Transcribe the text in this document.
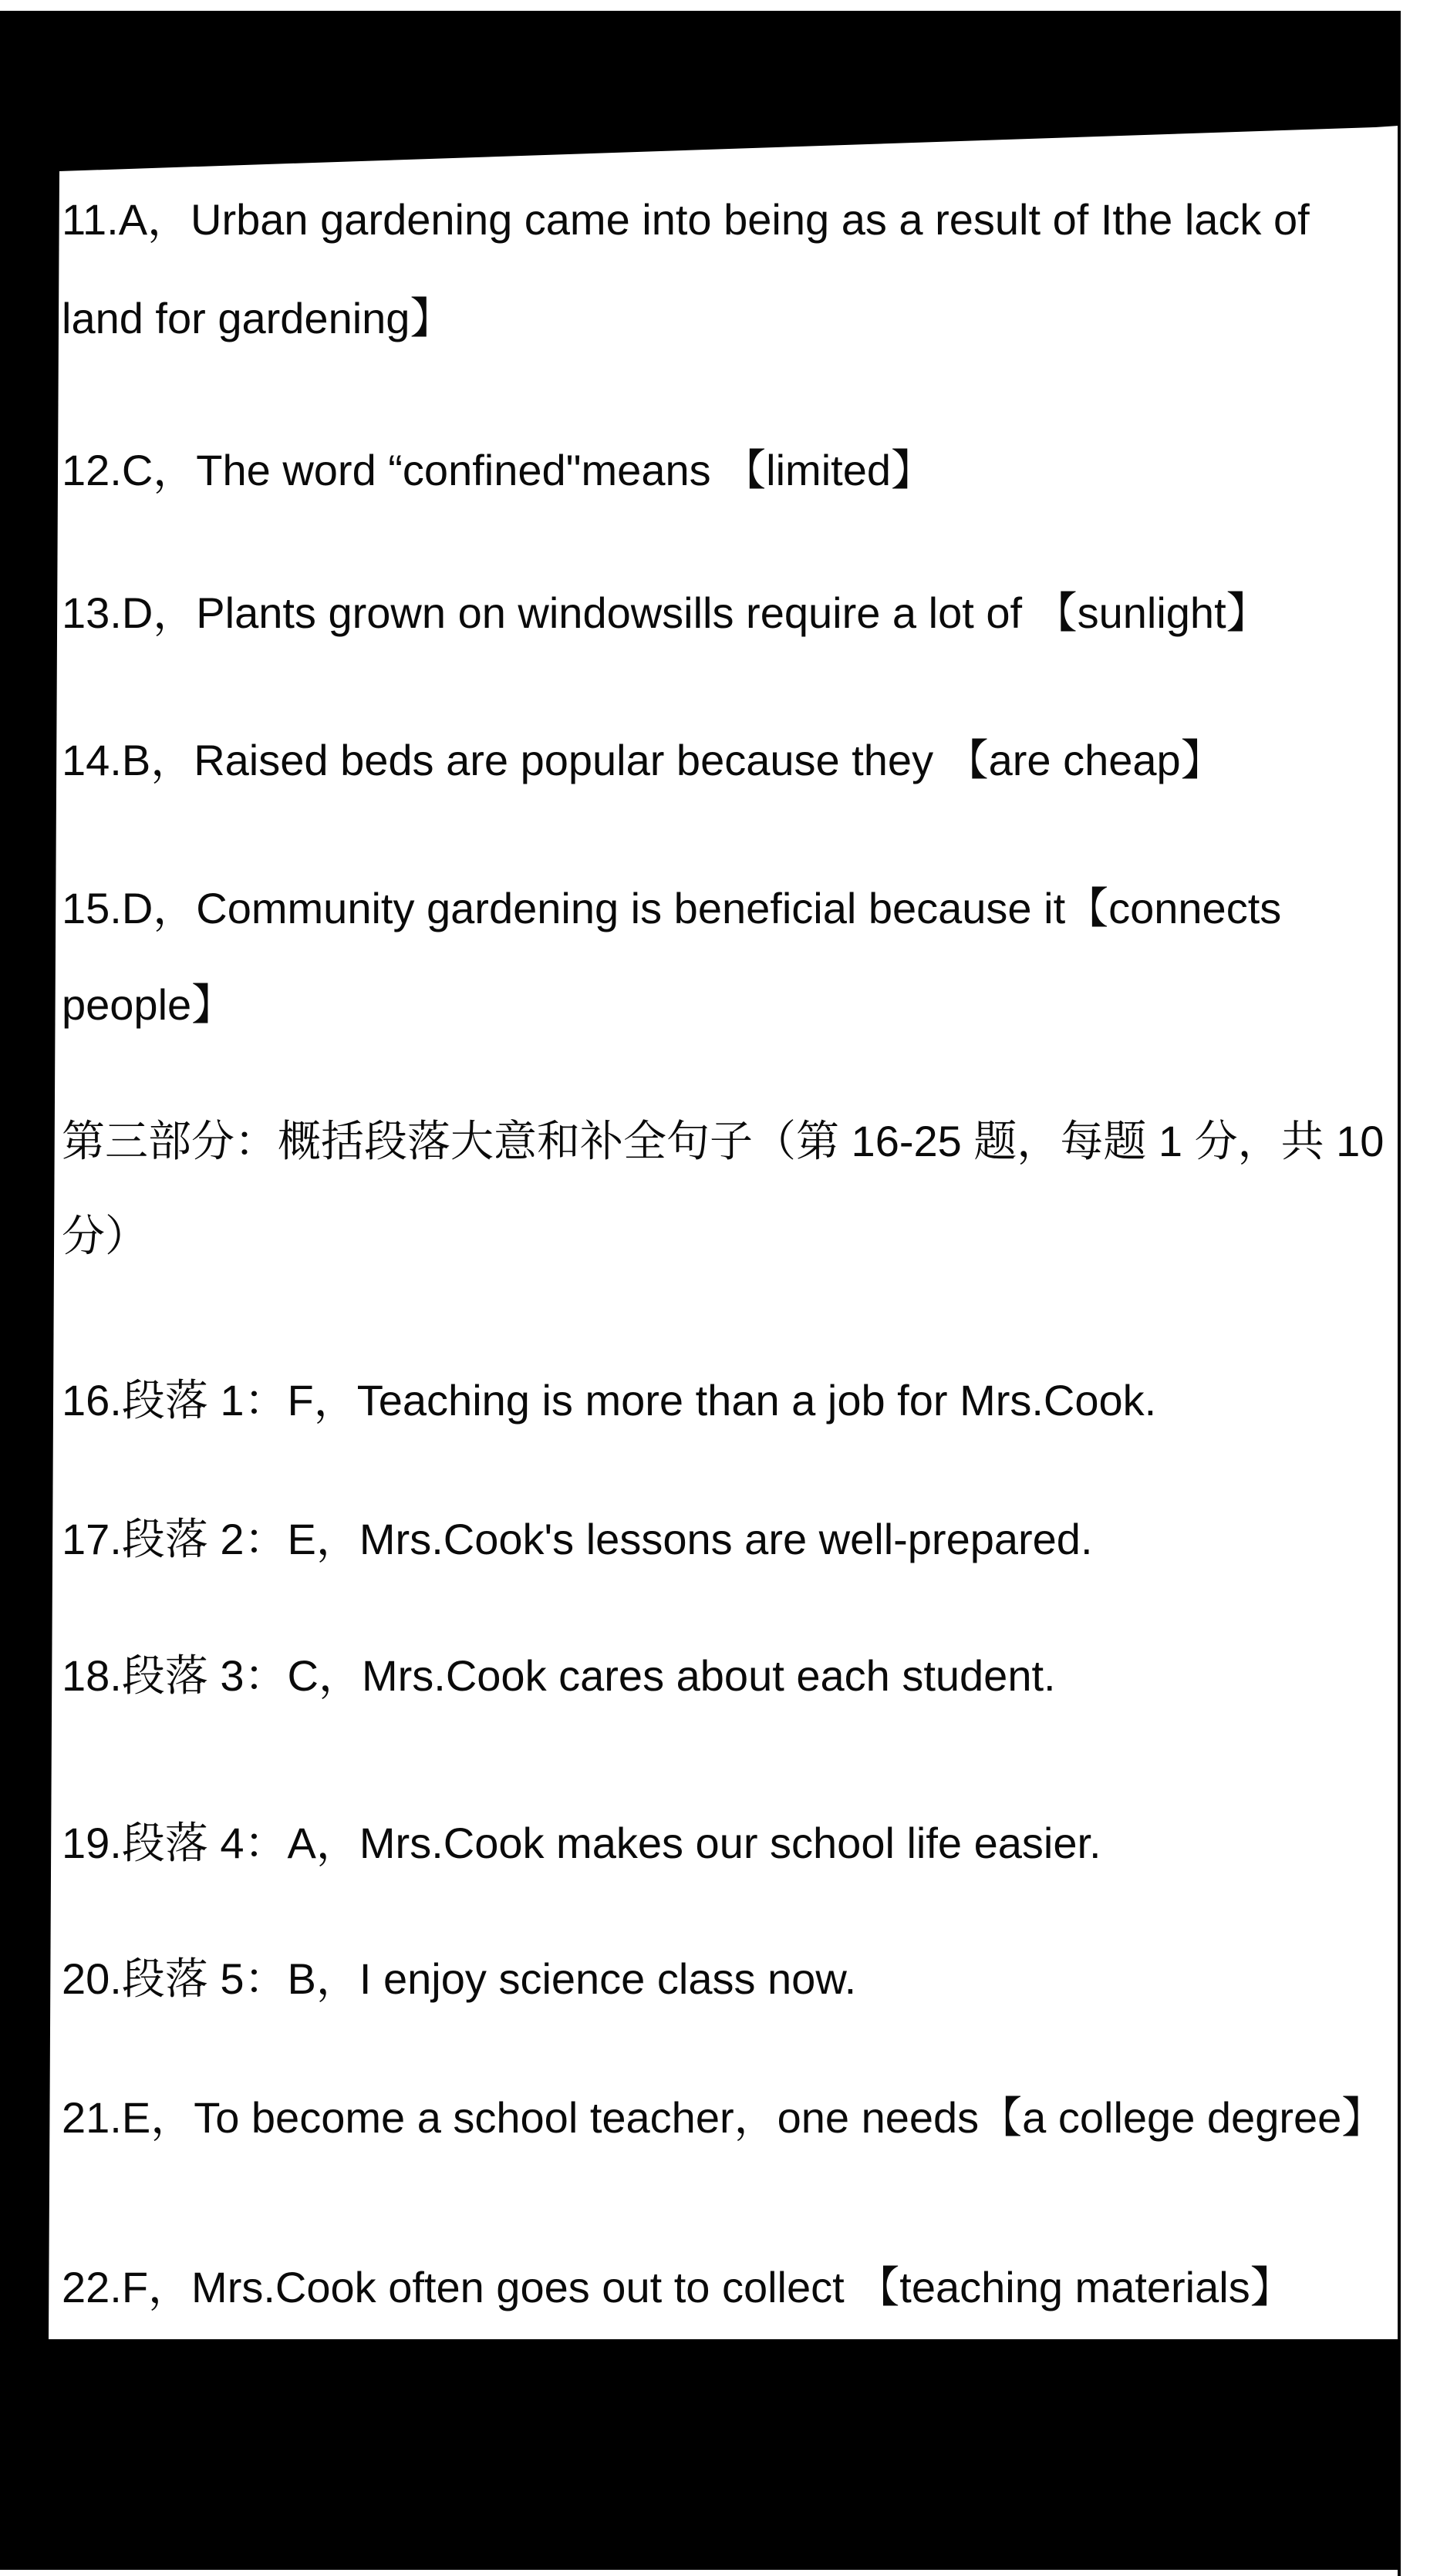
11.A，Urban gardening came into being as a result of Ithe lack of
land for gardening】
12.C，The word “confined"means 【limited】
13.D，Plants grown on windowsills require a lot of 【sunlight】
14.B，Raised beds are popular because they 【are cheap】
15.D，Community gardening is beneficial because it【connects
people】
第三部分：概括段落大意和补全句子（第 16-25 题，每题 1 分，共 10
分）
16.段落 1：F，Teaching is more than a job for Mrs.Cook.
17.段落 2：E，Mrs.Cook's lessons are well-prepared.
18.段落 3：C，Mrs.Cook cares about each student.
19.段落 4：A，Mrs.Cook makes our school life easier.
20.段落 5：B，I enjoy science class now.
21.E，To become a school teacher，one needs【a college degree】
22.F，Mrs.Cook often goes out to collect 【teaching materials】
